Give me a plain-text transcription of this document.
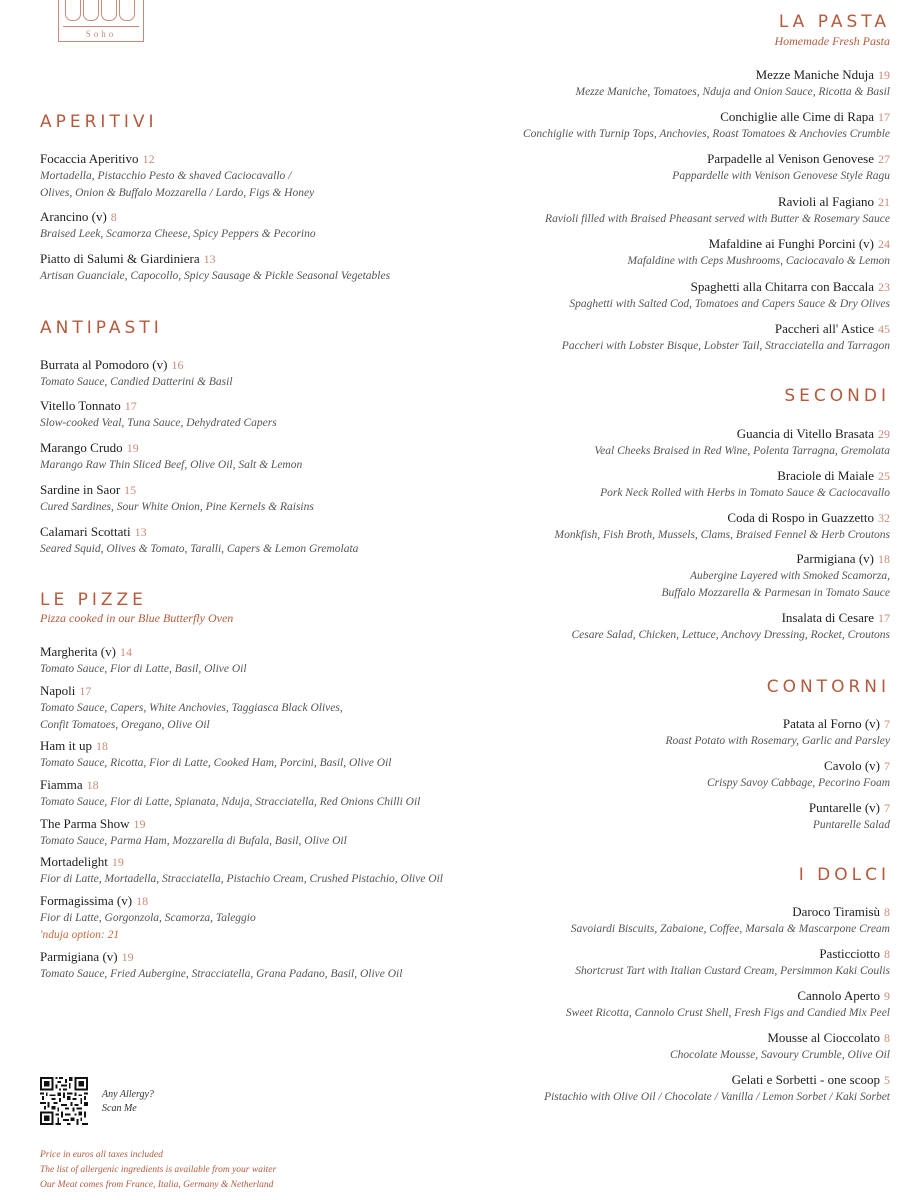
Soho
APERITIVI
Focaccia Aperitivo 12
Mortadella, Pistacchio Pesto & shaved Caciocavallo /
Olives, Onion & Buffalo Mozzarella / Lardo, Figs & Honey
Arancino (v) 8
Braised Leek, Scamorza Cheese, Spicy Peppers & Pecorino
Piatto di Salumi & Giardiniera 13
Artisan Guanciale, Capocollo, Spicy Sausage & Pickle Seasonal Vegetables
ANTIPASTI
Burrata al Pomodoro (v) 16
Tomato Sauce, Candied Datterini & Basil
Vitello Tonnato 17
Slow-cooked Veal, Tuna Sauce, Dehydrated Capers
Marango Crudo 19
Marango Raw Thin Sliced Beef, Olive Oil, Salt & Lemon
Sardine in Saor 15
Cured Sardines, Sour White Onion, Pine Kernels & Raisins
Calamari Scottati 13
Seared Squid, Olives & Tomato, Taralli, Capers & Lemon Gremolata
LE PIZZE
Pizza cooked in our Blue Butterfly Oven
Margherita (v) 14
Tomato Sauce, Fior di Latte, Basil, Olive Oil
Napoli 17
Tomato Sauce, Capers, White Anchovies, Taggiasca Black Olives,
Confit Tomatoes, Oregano, Olive Oil
Ham it up 18
Tomato Sauce, Ricotta, Fior di Latte, Cooked Ham, Porcini, Basil, Olive Oil
Fiamma 18
Tomato Sauce, Fior di Latte, Spianata, Nduja, Stracciatella, Red Onions Chilli Oil
The Parma Show 19
Tomato Sauce, Parma Ham, Mozzarella di Bufala, Basil, Olive Oil
Mortadelight 19
Fior di Latte, Mortadella, Stracciatella, Pistachio Cream, Crushed Pistachio, Olive Oil
Formagissima (v) 18
Fior di Latte, Gorgonzola, Scamorza, Taleggio
'nduja option: 21
Parmigiana (v) 19
Tomato Sauce, Fried Aubergine, Stracciatella, Grana Padano, Basil, Olive Oil
LA PASTA
Homemade Fresh Pasta
Mezze Maniche Nduja 19
Mezze Maniche, Tomatoes, Nduja and Onion Sauce, Ricotta & Basil
Conchiglie alle Cime di Rapa 17
Conchiglie with Turnip Tops, Anchovies, Roast Tomatoes & Anchovies Crumble
Parpadelle al Venison Genovese 27
Pappardelle with Venison Genovese Style Ragu
Ravioli al Fagiano 21
Ravioli filled with Braised Pheasant served with Butter & Rosemary Sauce
Mafaldine ai Funghi Porcini (v) 24
Mafaldine with Ceps Mushrooms, Caciocavalo & Lemon
Spaghetti alla Chitarra con Baccala 23
Spaghetti with Salted Cod, Tomatoes and Capers Sauce & Dry Olives
Paccheri all' Astice 45
Paccheri with Lobster Bisque, Lobster Tail, Stracciatella and Tarragon
SECONDI
Guancia di Vitello Brasata 29
Veal Cheeks Braised in Red Wine, Polenta Tarragna, Gremolata
Braciole di Maiale 25
Pork Neck Rolled with Herbs in Tomato Sauce & Caciocavallo
Coda di Rospo in Guazzetto 32
Monkfish, Fish Broth, Mussels, Clams, Braised Fennel & Herb Croutons
Parmigiana (v) 18
Aubergine Layered with Smoked Scamorza,
Buffalo Mozzarella & Parmesan in Tomato Sauce
Insalata di Cesare 17
Cesare Salad, Chicken, Lettuce, Anchovy Dressing, Rocket, Croutons
CONTORNI
Patata al Forno (v) 7
Roast Potato with Rosemary, Garlic and Parsley
Cavolo (v) 7
Crispy Savoy Cabbage, Pecorino Foam
Puntarelle (v) 7
Puntarelle Salad
I DOLCI
Daroco Tiramisù 8
Savoiardi Biscuits, Zabaione, Coffee, Marsala & Mascarpone Cream
Pasticciotto 8
Shortcrust Tart with Italian Custard Cream, Persimmon Kaki Coulis
Cannolo Aperto 9
Sweet Ricotta, Cannolo Crust Shell, Fresh Figs and Candied Mix Peel
Mousse al Cioccolato 8
Chocolate Mousse, Savoury Crumble, Olive Oil
Gelati e Sorbetti - one scoop 5
Pistachio with Olive Oil / Chocolate / Vanilla / Lemon Sorbet / Kaki Sorbet
Any Allergy?
Scan Me
Price in euros all taxes included
The list of allergenic ingredients is available from your waiter
Our Meat comes from France, Italia, Germany & Netherland
